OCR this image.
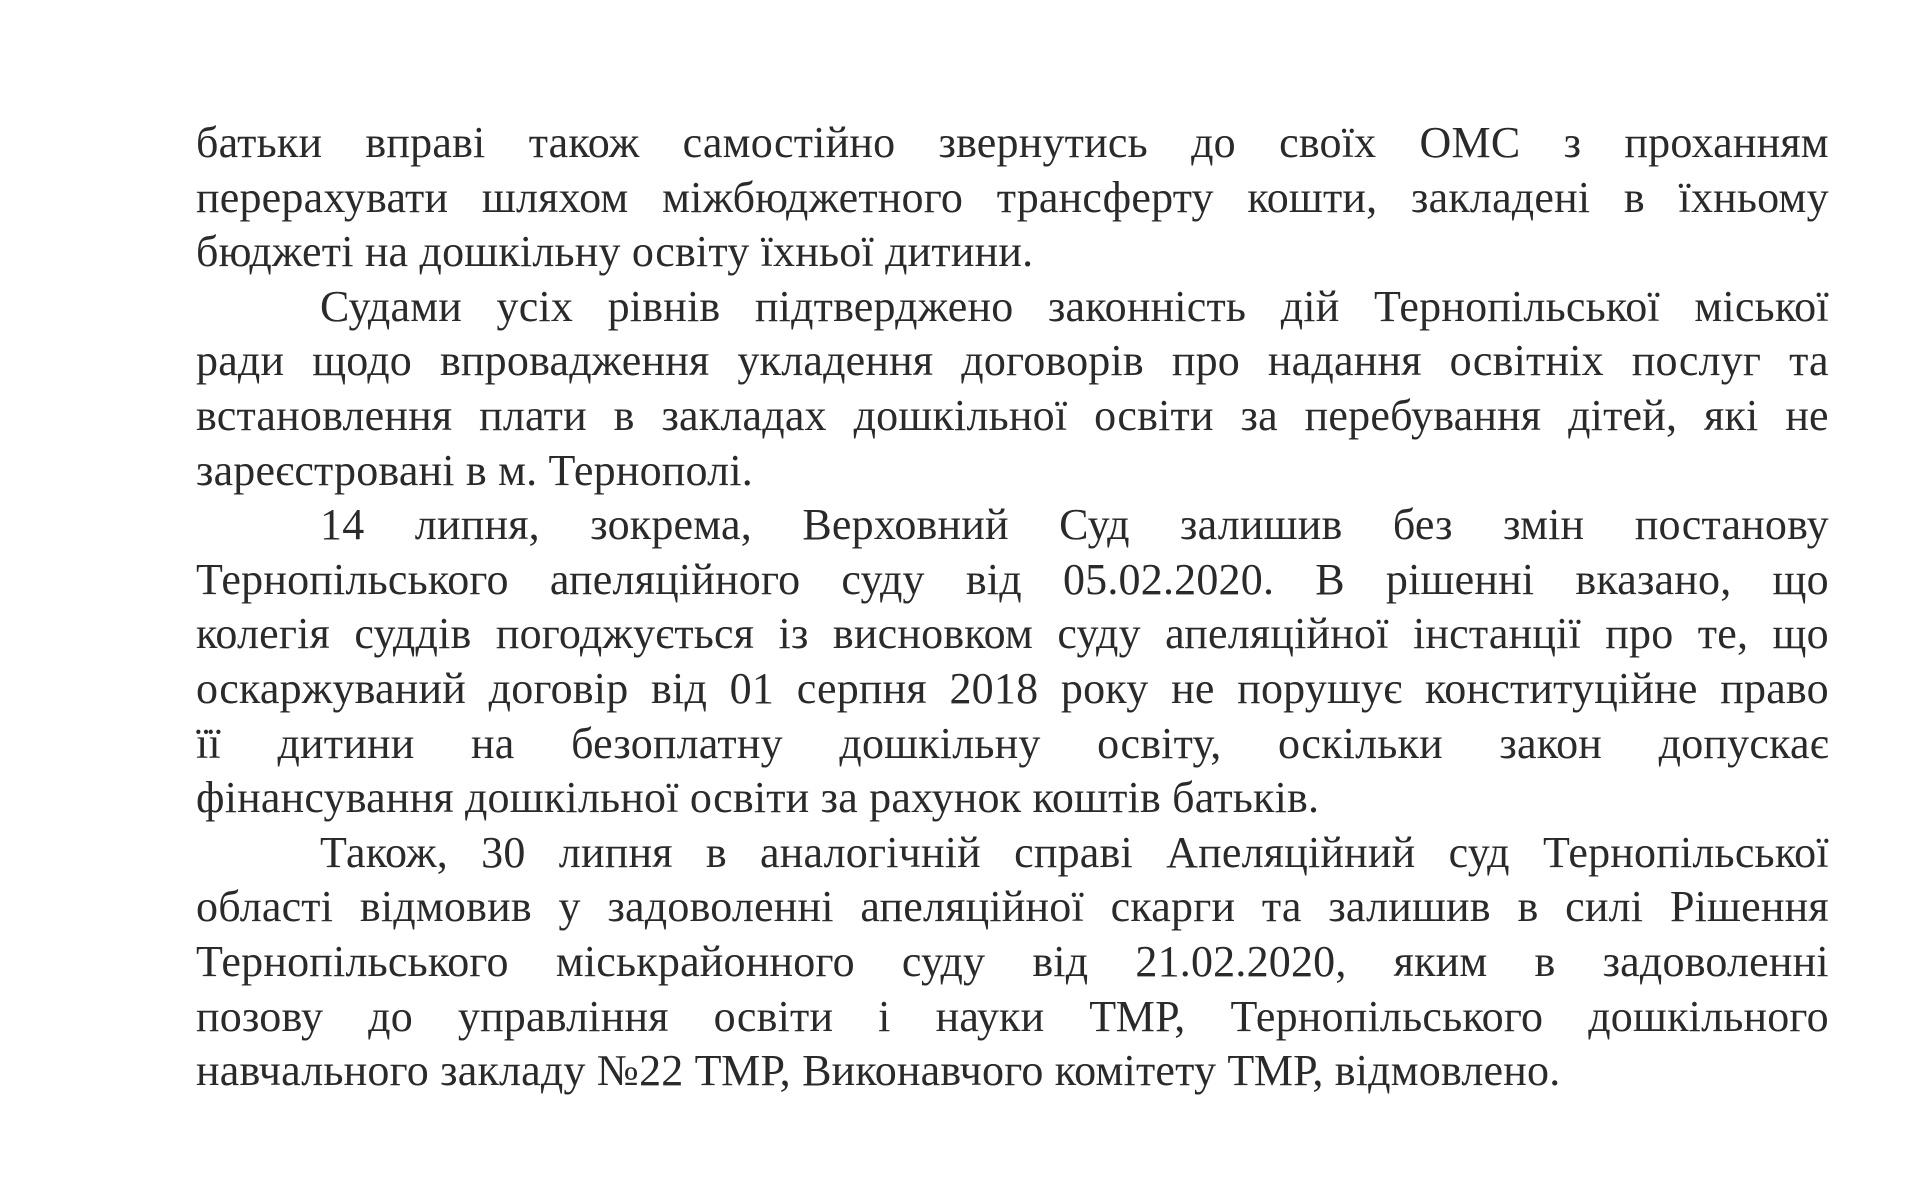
батьки вправі також самостійно звернутись до своїх ОМС з проханням ​
перерахувати шляхом міжбюджетного трансферту кошти, закладені в їхньому ​
бюджеті на дошкільну освіту їхньої дитини.
Судами усіх рівнів підтверджено законність дій Тернопільської міської ​
ради щодо впровадження укладення договорів про надання освітніх послуг та ​
встановлення плати в закладах дошкільної освіти за перебування дітей, які не ​
зареєстровані в м. Тернополі.
14 липня, зокрема, Верховний Суд залишив без змін постанову ​
Тернопільського апеляційного суду від 05.02.2020. В рішенні вказано, що ​
колегія суддів погоджується із висновком суду апеляційної інстанції про те, що ​
оскаржуваний договір від 01 серпня 2018 року не порушує конституційне право ​
її дитини на безоплатну дошкільну освіту, оскільки закон допускає ​
фінансування дошкільної освіти за рахунок коштів батьків.
Також, 30 липня в аналогічній справі Апеляційний суд Тернопільської ​
області відмовив у задоволенні апеляційної скарги та залишив в силі Рішення ​
Тернопільського міськрайонного суду від 21.02.2020, яким в задоволенні ​
позову до управління освіти і науки ТМР, Тернопільського дошкільного ​
навчального закладу №22 ТМР, Виконавчого комітету ТМР, відмовлено.
